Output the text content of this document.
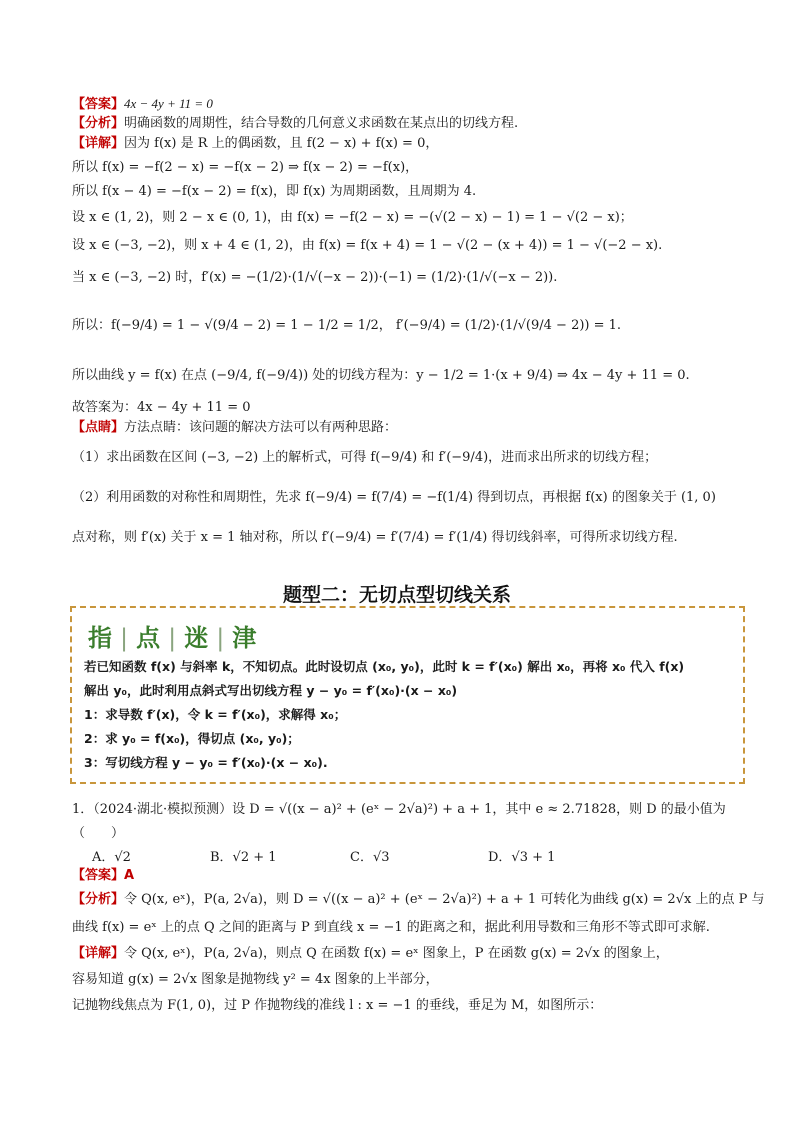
【答案】4x − 4y + 11 = 0
【分析】明确函数的周期性，结合导数的几何意义求函数在某点出的切线方程.
【详解】因为 f(x) 是 R 上的偶函数，且 f(2 − x) + f(x) = 0，
所以 f(x) = −f(2 − x) = −f(x − 2) ⇒ f(x − 2) = −f(x)，
所以 f(x − 4) = −f(x − 2) = f(x)，即 f(x) 为周期函数，且周期为 4.
设 x ∈ (1, 2)，则 2 − x ∈ (0, 1)，由 f(x) = −f(2 − x) = −(√(2 − x) − 1) = 1 − √(2 − x)；
设 x ∈ (−3, −2)，则 x + 4 ∈ (1, 2)，由 f(x) = f(x + 4) = 1 − √(2 − (x + 4)) = 1 − √(−2 − x).
当 x ∈ (−3, −2) 时，f′(x) = −(1/2)·(1/√(−x − 2))·(−1) = (1/2)·(1/√(−x − 2)).
所以：f(−9/4) = 1 − √(9/4 − 2) = 1 − 1/2 = 1/2， f′(−9/4) = (1/2)·(1/√(9/4 − 2)) = 1.
所以曲线 y = f(x) 在点 (−9/4, f(−9/4)) 处的切线方程为：y − 1/2 = 1·(x + 9/4) ⇒ 4x − 4y + 11 = 0.
故答案为：4x − 4y + 11 = 0
【点睛】方法点睛：该问题的解决方法可以有两种思路：
（1）求出函数在区间 (−3, −2) 上的解析式，可得 f(−9/4) 和 f′(−9/4)，进而求出所求的切线方程；
（2）利用函数的对称性和周期性，先求 f(−9/4) = f(7/4) = −f(1/4) 得到切点，再根据 f(x) 的图象关于 (1, 0)
点对称，则 f′(x) 关于 x = 1 轴对称，所以 f′(−9/4) = f′(7/4) = f′(1/4) 得切线斜率，可得所求切线方程.
题型二：无切点型切线关系
指 | 点 | 迷 | 津
若已知函数 f(x) 与斜率 k，不知切点。此时设切点 (x₀, y₀)，此时 k = f′(x₀) 解出 x₀，再将 x₀ 代入 f(x)
解出 y₀，此时利用点斜式写出切线方程 y − y₀ = f′(x₀)·(x − x₀)
1：求导数 f′(x)，令 k = f′(x₀)，求解得 x₀；
2：求 y₀ = f(x₀)，得切点 (x₀, y₀)；
3：写切线方程 y − y₀ = f′(x₀)·(x − x₀).
1．（2024·湖北·模拟预测）设 D = √((x − a)² + (eˣ − 2√a)²) + a + 1，其中 e ≈ 2.71828，则 D 的最小值为
（　　）
A．√2	B．√2 + 1	C．√3	D．√3 + 1
【答案】A
【分析】令 Q(x, eˣ)，P(a, 2√a)，则 D = √((x − a)² + (eˣ − 2√a)²) + a + 1 可转化为曲线 g(x) = 2√x 上的点 P 与
曲线 f(x) = eˣ 上的点 Q 之间的距离与 P 到直线 x = −1 的距离之和，据此利用导数和三角形不等式即可求解.
【详解】令 Q(x, eˣ)，P(a, 2√a)，则点 Q 在函数 f(x) = eˣ 图象上，P 在函数 g(x) = 2√x 的图象上，
容易知道 g(x) = 2√x 图象是抛物线 y² = 4x 图象的上半部分，
记抛物线焦点为 F(1, 0)，过 P 作抛物线的准线 l : x = −1 的垂线，垂足为 M，如图所示：
